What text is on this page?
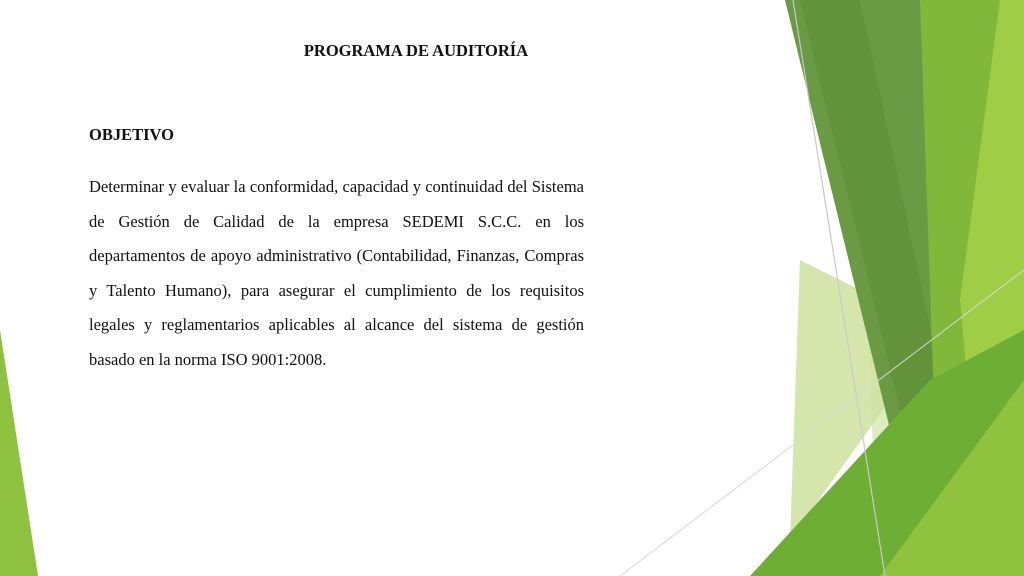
PROGRAMA DE AUDITORÍA
OBJETIVO

Determinar y evaluar la conformidad, capacidad y continuidad del Sistema de Gestión de Calidad de la empresa SEDEMI S.C.C. en los departamentos de apoyo administrativo (Contabilidad, Finanzas, Compras y Talento Humano), para asegurar el cumplimiento de los requisitos legales y reglamentarios aplicables al alcance del sistema de gestión basado en la norma ISO 9001:2008.
